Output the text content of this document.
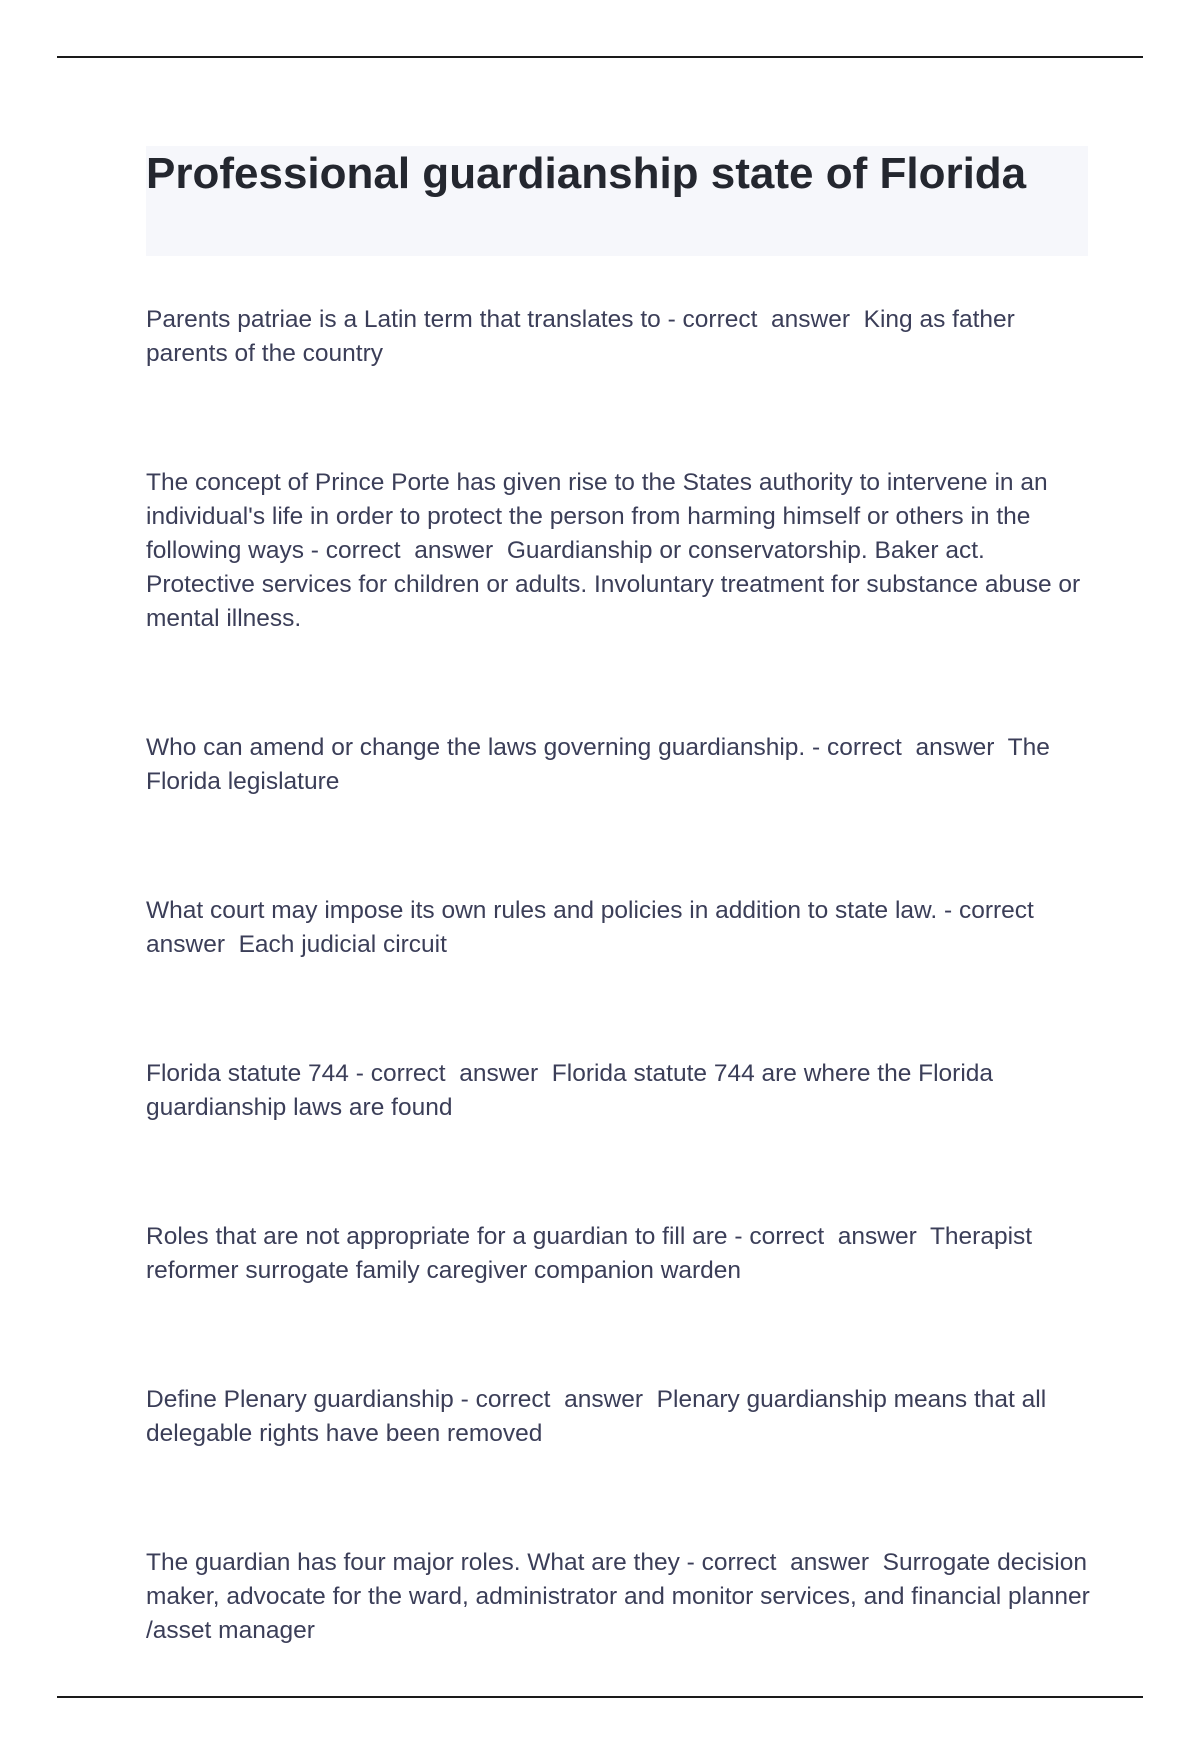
Professional guardianship state of Florida

Parents patriae is a Latin term that translates to - correct  answer  King as father parents of the country

The concept of Prince Porte has given rise to the States authority to intervene in an individual's life in order to protect the person from harming himself or others in the following ways - correct  answer  Guardianship or conservatorship. Baker act. Protective services for children or adults. Involuntary treatment for substance abuse or mental illness.

Who can amend or change the laws governing guardianship. - correct  answer  The Florida legislature

What court may impose its own rules and policies in addition to state law. - correct  answer  Each judicial circuit

Florida statute 744 - correct  answer  Florida statute 744 are where the Florida guardianship laws are found

Roles that are not appropriate for a guardian to fill are - correct  answer  Therapist reformer surrogate family caregiver companion warden

Define Plenary guardianship - correct  answer  Plenary guardianship means that all delegable rights have been removed

The guardian has four major roles. What are they - correct  answer  Surrogate decision maker, advocate for the ward, administrator and monitor services, and financial planner /asset manager
